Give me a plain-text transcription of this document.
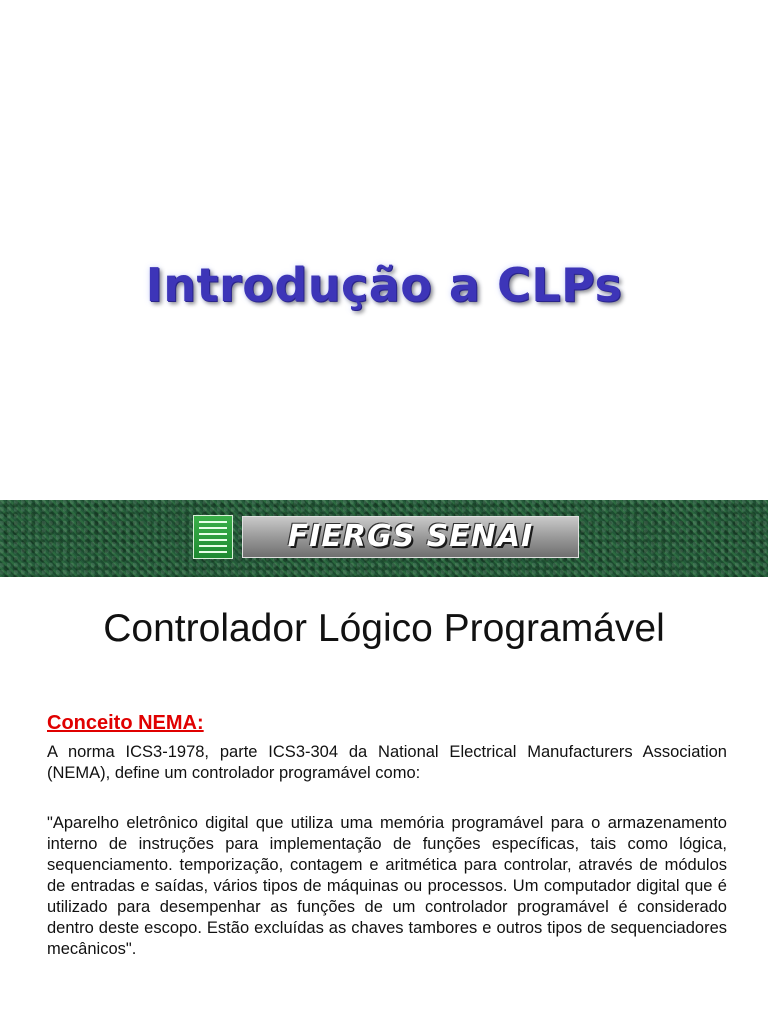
Introdução a CLPs
FIERGS SENAI
Controlador Lógico Programável
Conceito NEMA:
A norma ICS3-1978, parte ICS3-304 da National Electrical Manufacturers Association (NEMA), define um controlador programável como:
"Aparelho eletrônico digital que utiliza uma memória programável para o armazenamento interno de instruções para implementação de funções específicas, tais como lógica, sequenciamento. temporização, contagem e aritmética para controlar, através de módulos de entradas e saídas, vários tipos de máquinas ou processos. Um computador digital que é utilizado para desempenhar as funções de um controlador programável é considerado dentro deste escopo. Estão excluídas as chaves tambores e outros tipos de sequenciadores mecânicos".
